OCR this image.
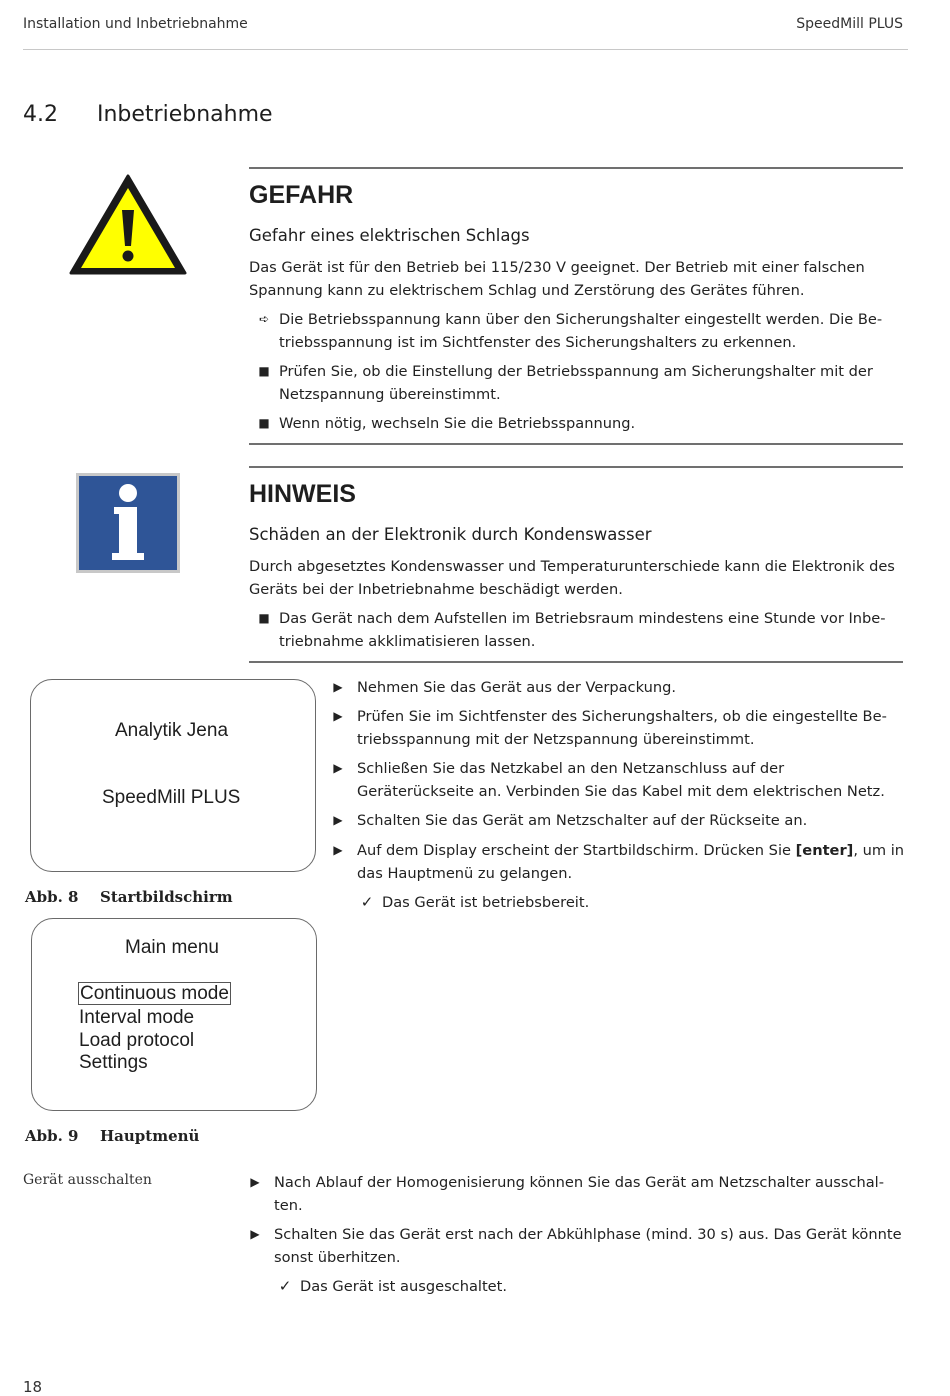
Installation und Inbetriebnahme	SpeedMill PLUS
4.2 Inbetriebnahme
GEFAHR
Gefahr eines elektrischen Schlags
Das Gerät ist für den Betrieb bei 115/230 V geeignet. Der Betrieb mit einer falschen Spannung kann zu elektrischem Schlag und Zerstörung des Gerätes führen.
➪ Die Betriebsspannung kann über den Sicherungshalter eingestellt werden. Die Betriebsspannung ist im Sichtfenster des Sicherungshalters zu erkennen.
■ Prüfen Sie, ob die Einstellung der Betriebsspannung am Sicherungshalter mit der Netzspannung übereinstimmt.
■ Wenn nötig, wechseln Sie die Betriebsspannung.
HINWEIS
Schäden an der Elektronik durch Kondenswasser
Durch abgesetztes Kondenswasser und Temperaturunterschiede kann die Elektronik des Geräts bei der Inbetriebnahme beschädigt werden.
■ Das Gerät nach dem Aufstellen im Betriebsraum mindestens eine Stunde vor Inbetriebnahme akklimatisieren lassen.
Analytik Jena
SpeedMill PLUS
Abb. 8 Startbildschirm
Main menu
Continuous mode
Interval mode
Load protocol
Settings
Abb. 9 Hauptmenü
▶ Nehmen Sie das Gerät aus der Verpackung.
▶ Prüfen Sie im Sichtfenster des Sicherungshalters, ob die eingestellte Betriebsspannung mit der Netzspannung übereinstimmt.
▶ Schließen Sie das Netzkabel an den Netzanschluss auf der Geräterückseite an. Verbinden Sie das Kabel mit dem elektrischen Netz.
▶ Schalten Sie das Gerät am Netzschalter auf der Rückseite an.
▶ Auf dem Display erscheint der Startbildschirm. Drücken Sie [enter], um in das Hauptmenü zu gelangen.
✓ Das Gerät ist betriebsbereit.
Gerät ausschalten	▶ Nach Ablauf der Homogenisierung können Sie das Gerät am Netzschalter ausschalten.
▶ Schalten Sie das Gerät erst nach der Abkühlphase (mind. 30 s) aus. Das Gerät könnte sonst überhitzen.
✓ Das Gerät ist ausgeschaltet.
18
